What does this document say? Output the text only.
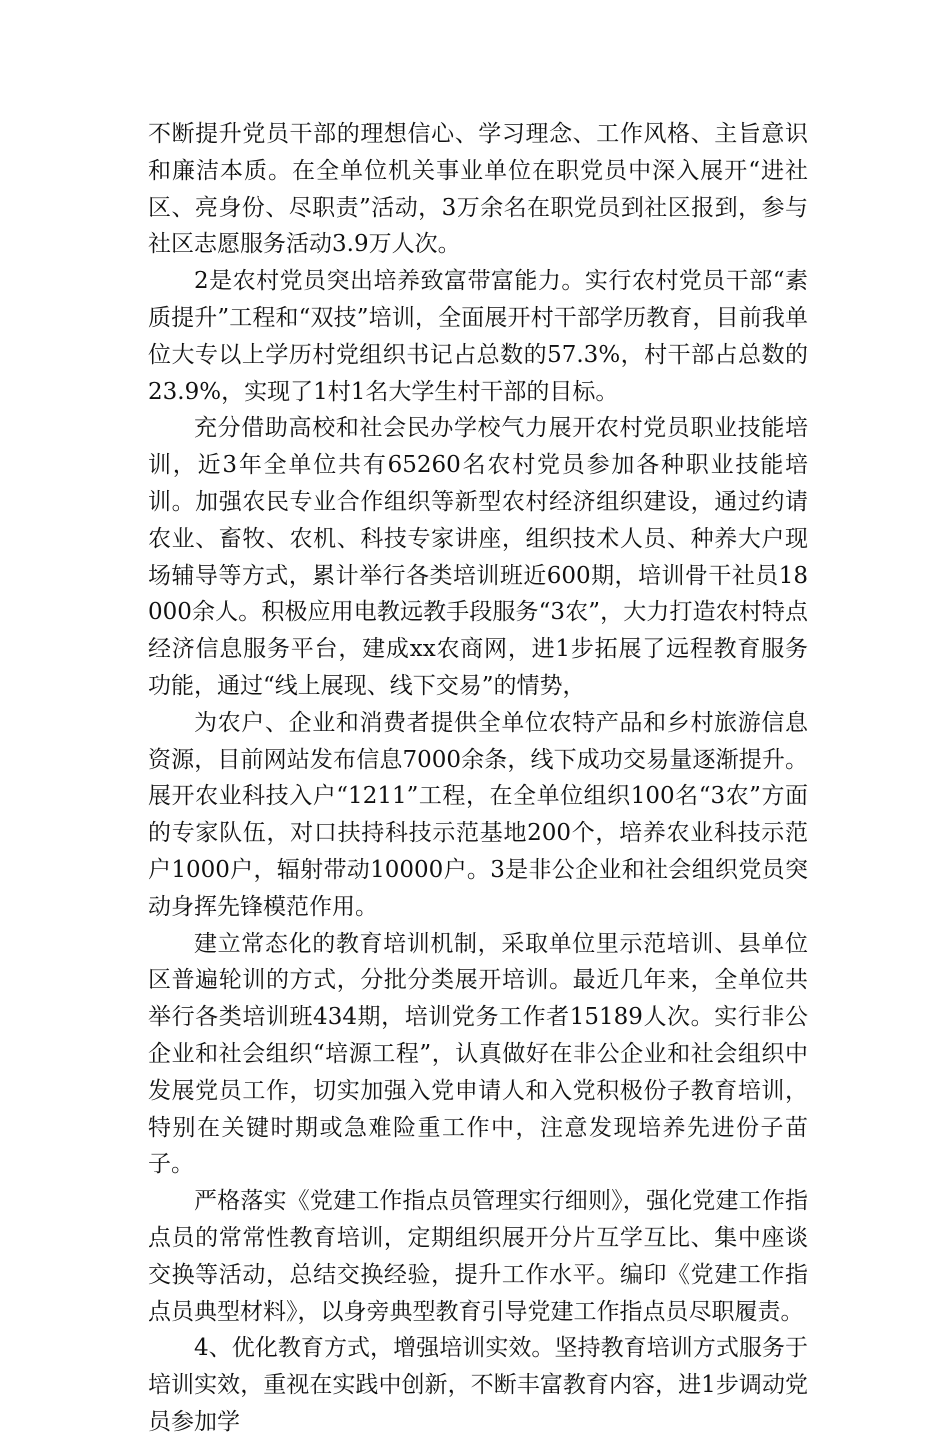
不断提升党员干部的理想信心、学习理念、工作风格、主旨意识和廉洁本质。在全单位机关事业单位在职党员中深入展开“进社区、亮身份、尽职责”活动，3万余名在职党员到社区报到，参与社区志愿服务活动3.9万人次。

2是农村党员突出培养致富带富能力。实行农村党员干部“素质提升”工程和“双技”培训，全面展开村干部学历教育，目前我单位大专以上学历村党组织书记占总数的57.3%，村干部占总数的23.9%，实现了1村1名大学生村干部的目标。

充分借助高校和社会民办学校气力展开农村党员职业技能培训，近3年全单位共有65260名农村党员参加各种职业技能培训。加强农民专业合作组织等新型农村经济组织建设，通过约请农业、畜牧、农机、科技专家讲座，组织技术人员、种养大户现场辅导等方式，累计举行各类培训班近600期，培训骨干社员18000余人。积极应用电教远教手段服务“3农”，大力打造农村特点经济信息服务平台，建成xx农商网，进1步拓展了远程教育服务功能，通过“线上展现、线下交易”的情势，

为农户、企业和消费者提供全单位农特产品和乡村旅游信息资源，目前网站发布信息7000余条，线下成功交易量逐渐提升。展开农业科技入户“1211”工程，在全单位组织100名“3农”方面的专家队伍，对口扶持科技示范基地200个，培养农业科技示范户1000户，辐射带动10000户。3是非公企业和社会组织党员突动身挥先锋模范作用。

建立常态化的教育培训机制，采取单位里示范培训、县单位区普遍轮训的方式，分批分类展开培训。最近几年来，全单位共举行各类培训班434期，培训党务工作者15189人次。实行非公企业和社会组织“培源工程”，认真做好在非公企业和社会组织中发展党员工作，切实加强入党申请人和入党积极份子教育培训，特别在关键时期或急难险重工作中，注意发现培养先进份子苗子。

严格落实《党建工作指点员管理实行细则》，强化党建工作指点员的常常性教育培训，定期组织展开分片互学互比、集中座谈交换等活动，总结交换经验，提升工作水平。编印《党建工作指点员典型材料》，以身旁典型教育引导党建工作指点员尽职履责。

4、优化教育方式，增强培训实效。坚持教育培训方式服务于培训实效，重视在实践中创新，不断丰富教育内容，进1步调动党员参加学
